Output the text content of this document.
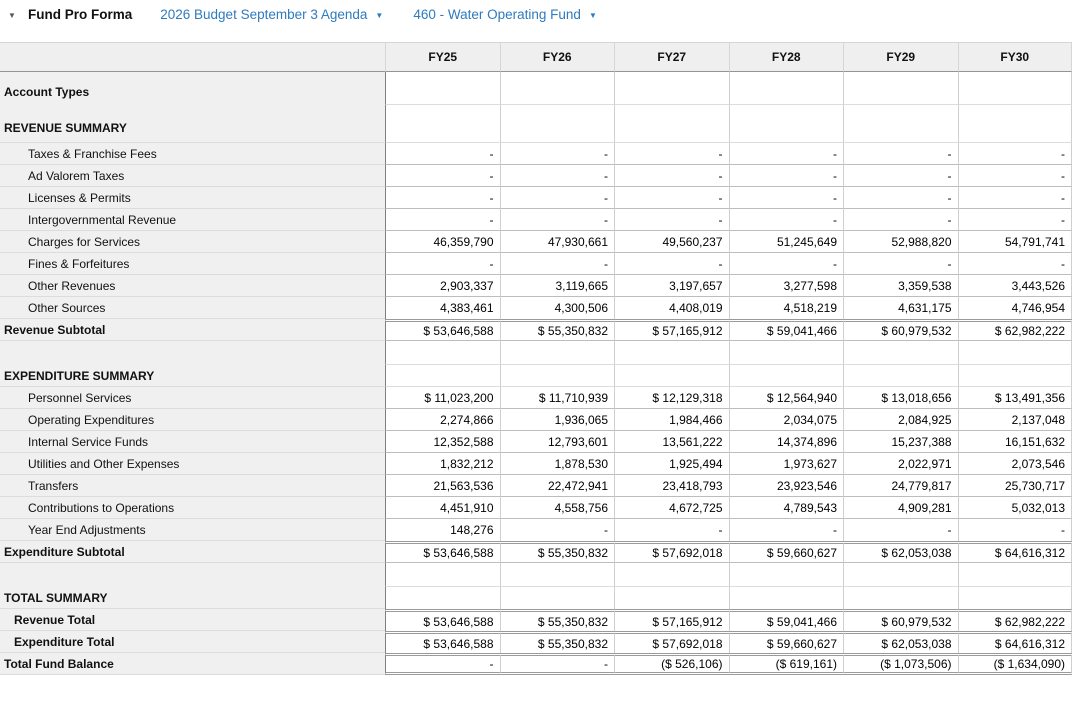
▼ Fund Pro Forma 2026 Budget September 3 Agenda ▼ 460 - Water Operating Fund ▼
	FY25	FY26	FY27	FY28	FY29	FY30
Account Types						
REVENUE SUMMARY						
Taxes & Franchise Fees	-	-	-	-	-	-
Ad Valorem Taxes	-	-	-	-	-	-
Licenses & Permits	-	-	-	-	-	-
Intergovernmental Revenue	-	-	-	-	-	-
Charges for Services	46,359,790	47,930,661	49,560,237	51,245,649	52,988,820	54,791,741
Fines & Forfeitures	-	-	-	-	-	-
Other Revenues	2,903,337	3,119,665	3,197,657	3,277,598	3,359,538	3,443,526
Other Sources	4,383,461	4,300,506	4,408,019	4,518,219	4,631,175	4,746,954
Revenue Subtotal	$ 53,646,588	$ 55,350,832	$ 57,165,912	$ 59,041,466	$ 60,979,532	$ 62,982,222

EXPENDITURE SUMMARY						
Personnel Services	$ 11,023,200	$ 11,710,939	$ 12,129,318	$ 12,564,940	$ 13,018,656	$ 13,491,356
Operating Expenditures	2,274,866	1,936,065	1,984,466	2,034,075	2,084,925	2,137,048
Internal Service Funds	12,352,588	12,793,601	13,561,222	14,374,896	15,237,388	16,151,632
Utilities and Other Expenses	1,832,212	1,878,530	1,925,494	1,973,627	2,022,971	2,073,546
Transfers	21,563,536	22,472,941	23,418,793	23,923,546	24,779,817	25,730,717
Contributions to Operations	4,451,910	4,558,756	4,672,725	4,789,543	4,909,281	5,032,013
Year End Adjustments	148,276	-	-	-	-	-
Expenditure Subtotal	$ 53,646,588	$ 55,350,832	$ 57,692,018	$ 59,660,627	$ 62,053,038	$ 64,616,312

TOTAL SUMMARY						
Revenue Total	$ 53,646,588	$ 55,350,832	$ 57,165,912	$ 59,041,466	$ 60,979,532	$ 62,982,222
Expenditure Total	$ 53,646,588	$ 55,350,832	$ 57,692,018	$ 59,660,627	$ 62,053,038	$ 64,616,312
Total Fund Balance	-	-	($ 526,106)	($ 619,161)	($ 1,073,506)	($ 1,634,090)
